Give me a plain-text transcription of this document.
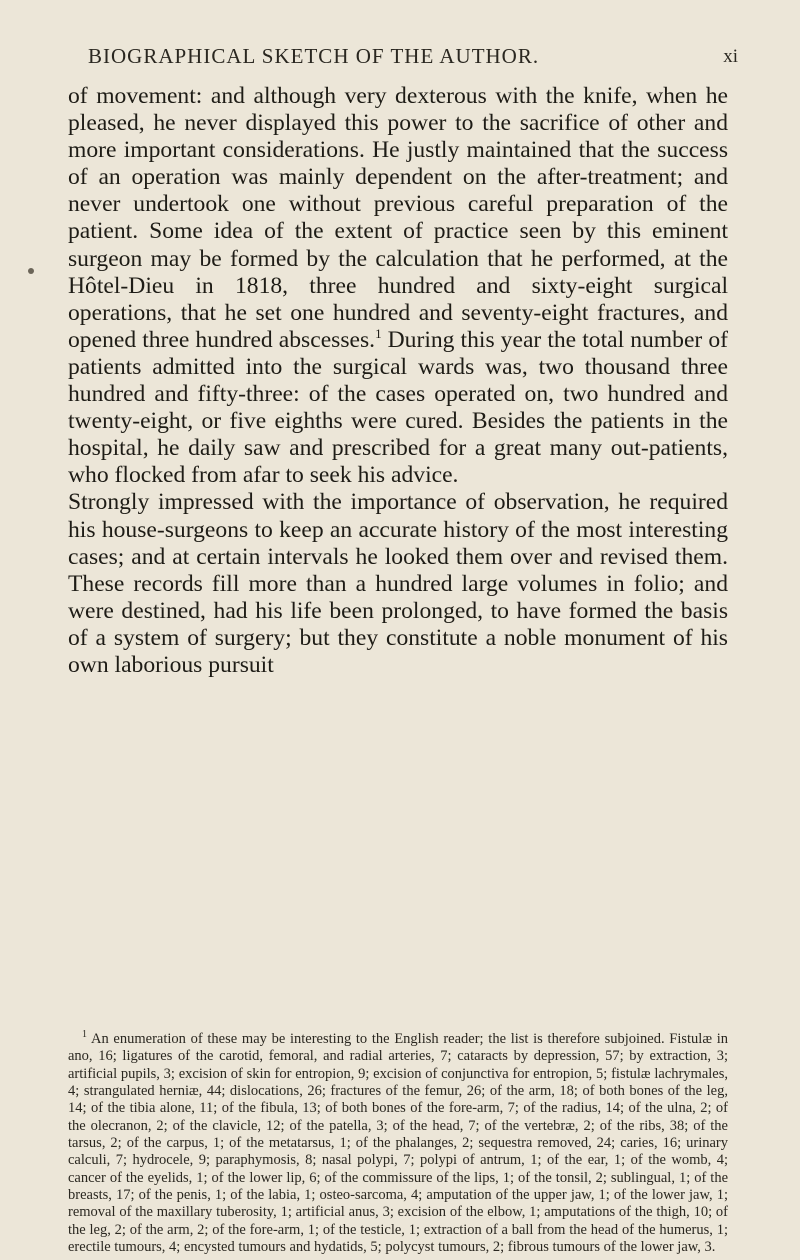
BIOGRAPHICAL SKETCH OF THE AUTHOR.	xi

of movement: and although very dexterous with the knife, when he pleased, he never displayed this power to the sacrifice of other and more important considerations. He justly maintained that the success of an operation was mainly dependent on the after-treatment; and never undertook one without previous careful preparation of the patient. Some idea of the extent of practice seen by this eminent surgeon may be formed by the calculation that he performed, at the Hôtel-Dieu in 1818, three hundred and sixty-eight surgical operations, that he set one hundred and seventy-eight fractures, and opened three hundred abscesses.$^1$ During this year the total number of patients admitted into the surgical wards was, two thousand three hundred and fifty-three: of the cases operated on, two hundred and twenty-eight, or five eighths were cured. Besides the patients in the hospital, he daily saw and prescribed for a great many out-patients, who flocked from afar to seek his advice.

Strongly impressed with the importance of observation, he required his house-surgeons to keep an accurate history of the most interesting cases; and at certain intervals he looked them over and revised them. These records fill more than a hundred large volumes in folio; and were destined, had his life been prolonged, to have formed the basis of a system of surgery; but they constitute a noble monument of his own laborious pursuit

$^1$ An enumeration of these may be interesting to the English reader; the list is therefore subjoined. Fistulæ in ano, 16; ligatures of the carotid, femoral, and radial arteries, 7; cataracts by depression, 57; by extraction, 3; artificial pupils, 3; excision of skin for entropion, 9; excision of conjunctiva for entropion, 5; fistulæ lachrymales, 4; strangulated herniæ, 44; dislocations, 26; fractures of the femur, 26; of the arm, 18; of both bones of the leg, 14; of the tibia alone, 11; of the fibula, 13; of both bones of the fore-arm, 7; of the radius, 14; of the ulna, 2; of the olecranon, 2; of the clavicle, 12; of the patella, 3; of the head, 7; of the vertebræ, 2; of the ribs, 38; of the tarsus, 2; of the carpus, 1; of the metatarsus, 1; of the phalanges, 2; sequestra removed, 24; caries, 16; urinary calculi, 7; hydrocele, 9; paraphymosis, 8; nasal polypi, 7; polypi of antrum, 1; of the ear, 1; of the womb, 4; cancer of the eyelids, 1; of the lower lip, 6; of the commissure of the lips, 1; of the tonsil, 2; sublingual, 1; of the breasts, 17; of the penis, 1; of the labia, 1; osteo-sarcoma, 4; amputation of the upper jaw, 1; of the lower jaw, 1; removal of the maxillary tuberosity, 1; artificial anus, 3; excision of the elbow, 1; amputations of the thigh, 10; of the leg, 2; of the arm, 2; of the fore-arm, 1; of the testicle, 1; extraction of a ball from the head of the humerus, 1; erectile tumours, 4; encysted tumours and hydatids, 5; polycyst tumours, 2; fibrous tumours of the lower jaw, 3.
